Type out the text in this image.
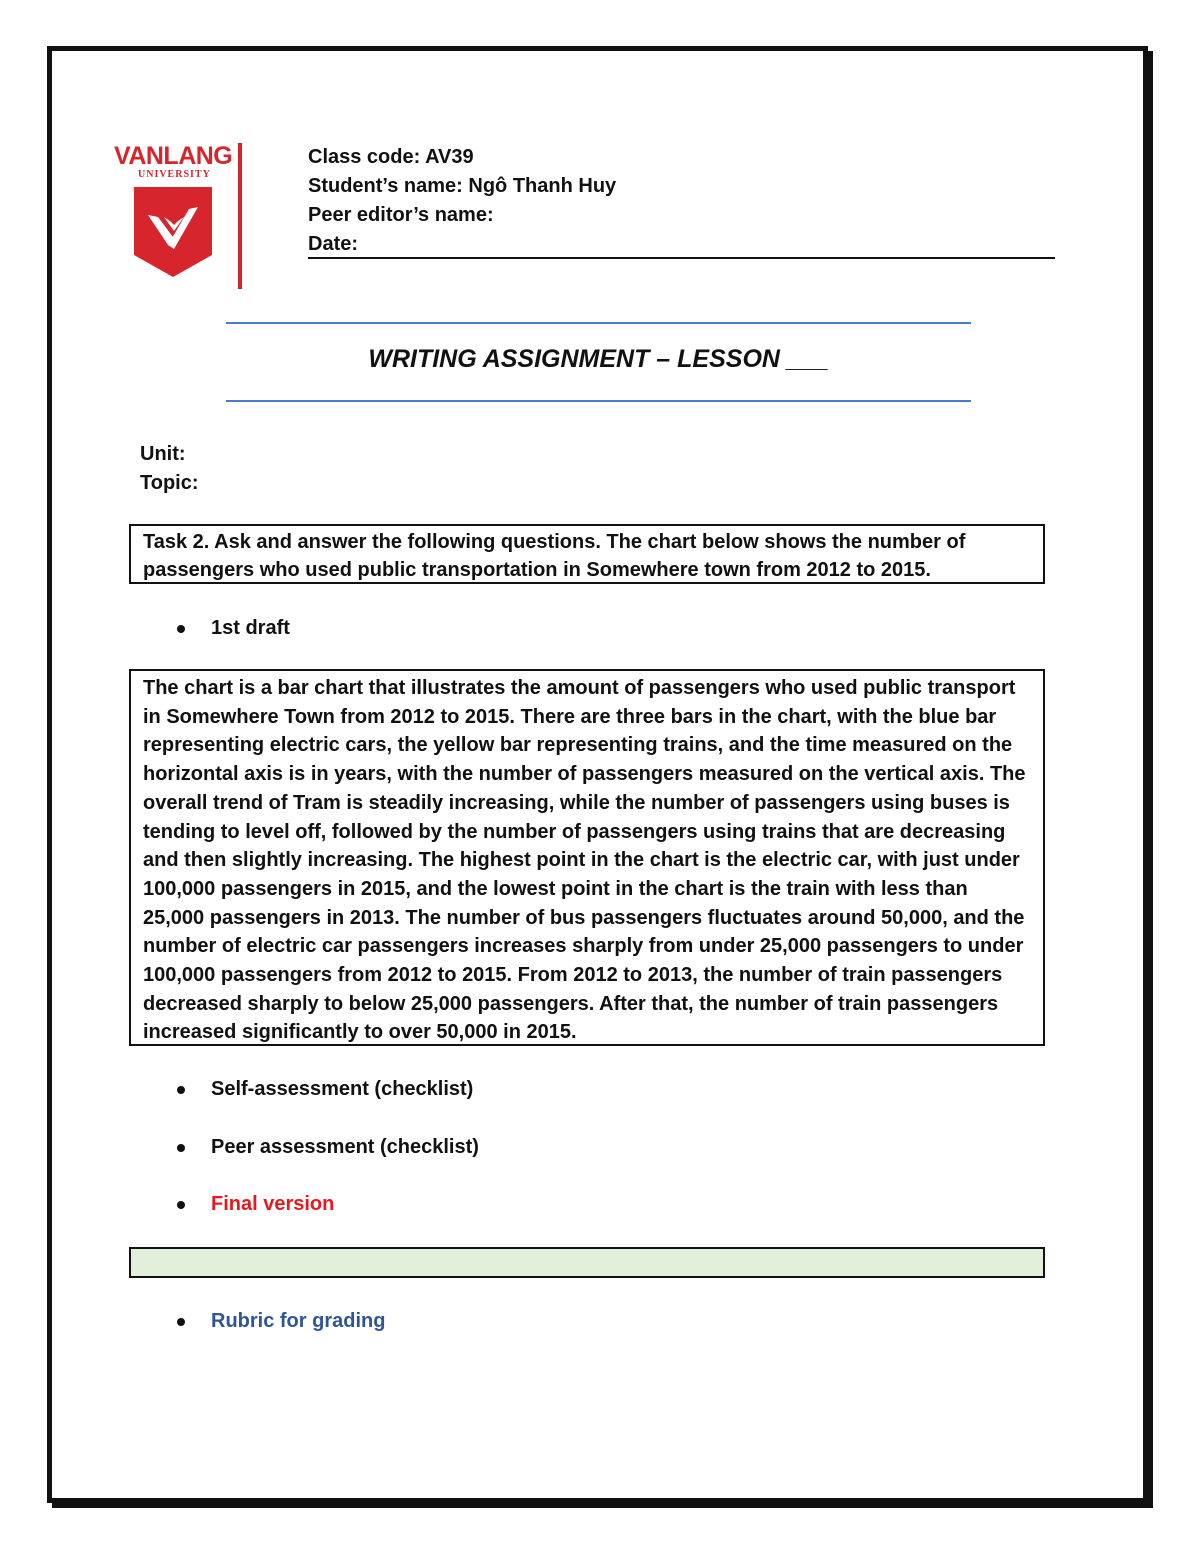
VANLANG
UNIVERSITY
Class code: AV39
Student’s name: Ngô Thanh Huy
Peer editor’s name:
Date:
WRITING ASSIGNMENT – LESSON ___
Unit:
Topic:
Task 2. Ask and answer the following questions. The chart below shows the number of passengers who used public transportation in Somewhere town from 2012 to 2015.
1st draft
The chart is a bar chart that illustrates the amount of passengers who used public transport in Somewhere Town from 2012 to 2015. There are three bars in the chart, with the blue bar representing electric cars, the yellow bar representing trains, and the time measured on the horizontal axis is in years, with the number of passengers measured on the vertical axis. The overall trend of Tram is steadily increasing, while the number of passengers using buses is tending to level off, followed by the number of passengers using trains that are decreasing and then slightly increasing. The highest point in the chart is the electric car, with just under 100,000 passengers in 2015, and the lowest point in the chart is the train with less than 25,000 passengers in 2013. The number of bus passengers fluctuates around 50,000, and the number of electric car passengers increases sharply from under 25,000 passengers to under 100,000 passengers from 2012 to 2015. From 2012 to 2013, the number of train passengers decreased sharply to below 25,000 passengers. After that, the number of train passengers increased significantly to over 50,000 in 2015.
Self-assessment (checklist)
Peer assessment (checklist)
Final version
Rubric for grading
